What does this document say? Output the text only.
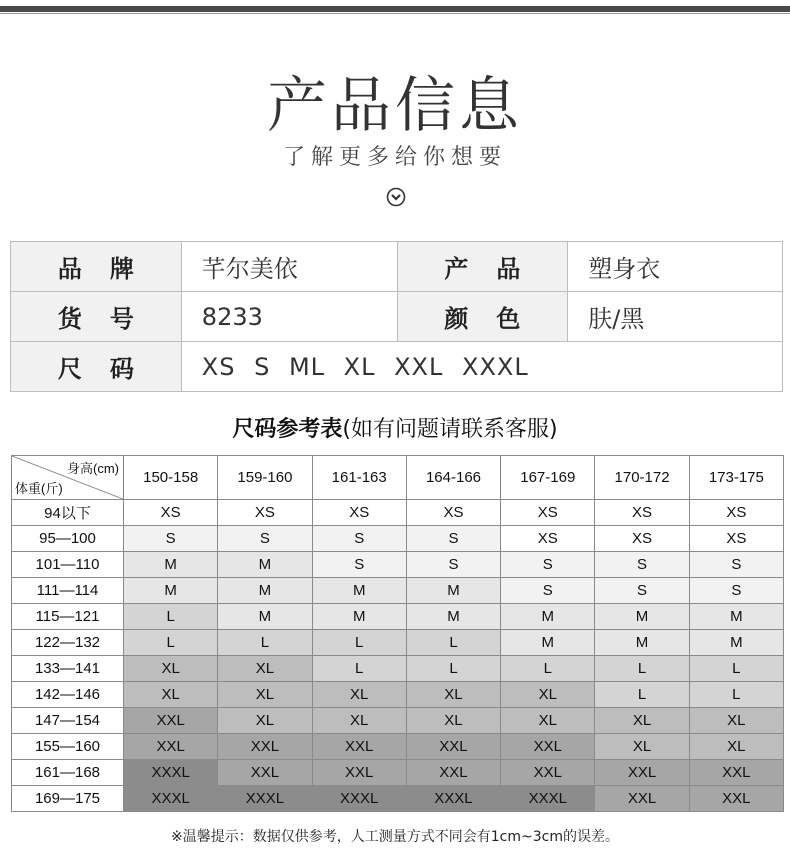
产品信息
了解更多给你想要
品牌	芊尔美依	产品	塑身衣
货号	8233	颜色	肤/黑
尺码	XS S ML XL XXL XXXL		
尺码参考表(如有问题请联系客服)
身高(cm)
体重(斤)	150-158	159-160	161-163	164-166	167-169	170-172	173-175
94以下	XS	XS	XS	XS	XS	XS	XS
95—100	S	S	S	S	XS	XS	XS
101—110	M	M	S	S	S	S	S
111—114	M	M	M	M	S	S	S
115—121	L	M	M	M	M	M	M
122—132	L	L	L	L	M	M	M
133—141	XL	XL	L	L	L	L	L
142—146	XL	XL	XL	XL	XL	L	L
147—154	XXL	XL	XL	XL	XL	XL	XL
155—160	XXL	XXL	XXL	XXL	XXL	XL	XL
161—168	XXXL	XXL	XXL	XXL	XXL	XXL	XXL
169—175	XXXL	XXXL	XXXL	XXXL	XXXL	XXL	XXL
※温馨提示：数据仅供参考，人工测量方式不同会有1cm~3cm的误差。
